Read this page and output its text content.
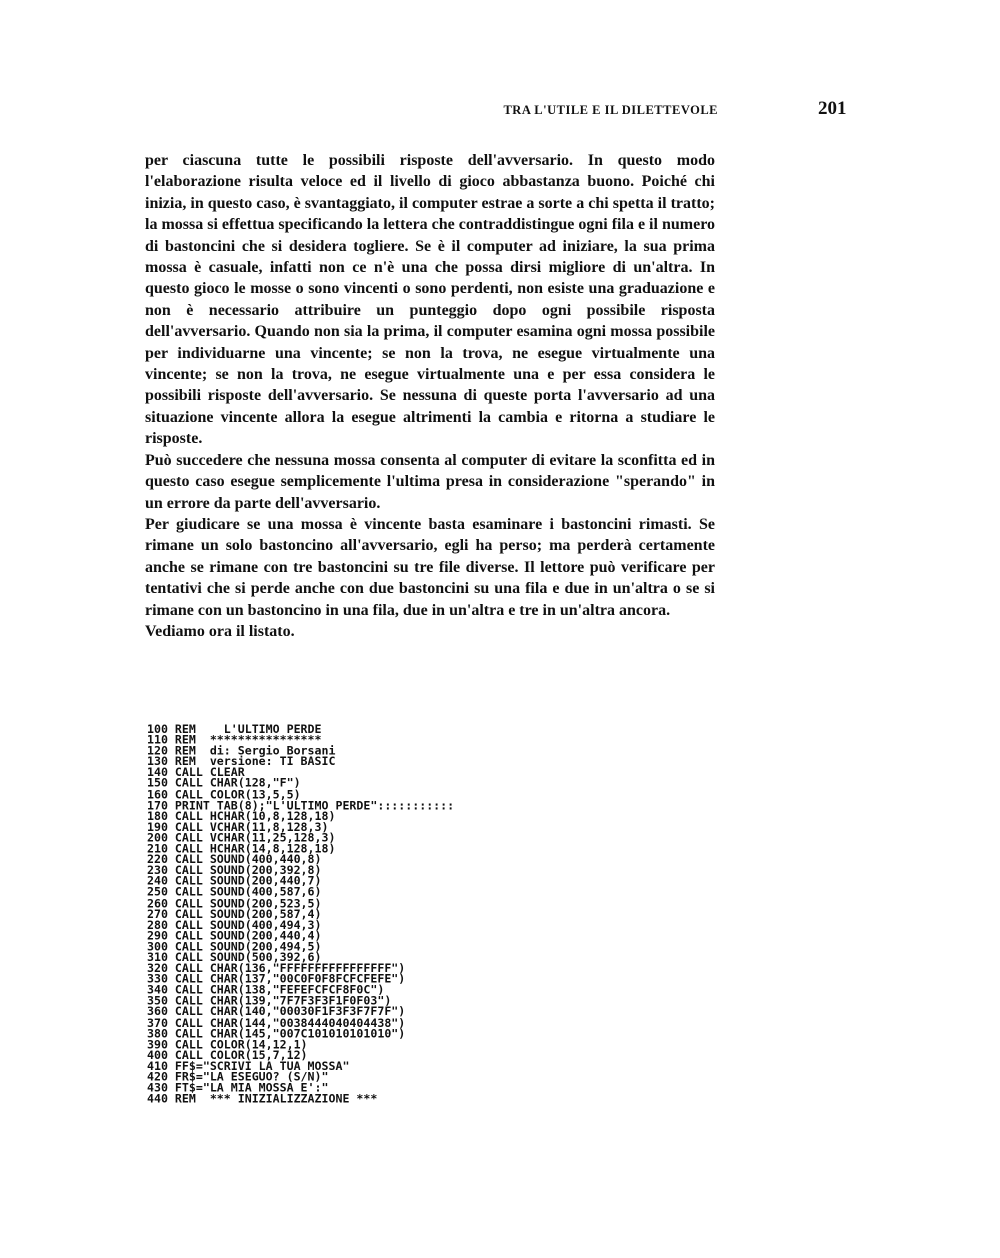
TRA L'UTILE E IL DILETTEVOLE	201

per ciascuna tutte le possibili risposte dell'avversario. In questo modo l'elaborazione risulta veloce ed il livello di gioco abbastanza buono. Poiché chi inizia, in questo caso, è svantaggiato, il computer estrae a sorte a chi spetta il tratto; la mossa si effettua specificando la lettera che contraddistingue ogni fila e il numero di bastoncini che si desidera togliere. Se è il computer ad iniziare, la sua prima mossa è casuale, infatti non ce n'è una che possa dirsi migliore di un'altra. In questo gioco le mosse o sono vincenti o sono perdenti, non esiste una graduazione e non è necessario attribuire un punteggio dopo ogni possibile risposta dell'avversario. Quando non sia la prima, il computer esamina ogni mossa possibile per individuarne una vincente; se non la trova, ne esegue virtualmente una vincente; se non la trova, ne esegue virtualmente una e per essa considera le possibili risposte dell'avversario. Se nessuna di queste porta l'avversario ad una situazione vincente allora la esegue altrimenti la cambia e ritorna a studiare le risposte.

Può succedere che nessuna mossa consenta al computer di evitare la sconfitta ed in questo caso esegue semplicemente l'ultima presa in considerazione "sperando" in un errore da parte dell'avversario.

Per giudicare se una mossa è vincente basta esaminare i bastoncini rimasti. Se rimane un solo bastoncino all'avversario, egli ha perso; ma perderà certamente anche se rimane con tre bastoncini su tre file diverse. Il lettore può verificare per tentativi che si perde anche con due bastoncini su una fila e due in un'altra o se si rimane con un bastoncino in una fila, due in un'altra e tre in un'altra ancora.

Vediamo ora il listato.

100 REM    L'ULTIMO PERDE
110 REM  ****************
120 REM  di: Sergio Borsani
130 REM  versione: TI BASIC
140 CALL CLEAR
150 CALL CHAR(128,"F")
160 CALL COLOR(13,5,5)
170 PRINT TAB(8);"L'ULTIMO PERDE":::::::::::
180 CALL HCHAR(10,8,128,18)
190 CALL VCHAR(11,8,128,3)
200 CALL VCHAR(11,25,128,3)
210 CALL HCHAR(14,8,128,18)
220 CALL SOUND(400,440,8)
230 CALL SOUND(200,392,8)
240 CALL SOUND(200,440,7)
250 CALL SOUND(400,587,6)
260 CALL SOUND(200,523,5)
270 CALL SOUND(200,587,4)
280 CALL SOUND(400,494,3)
290 CALL SOUND(200,440,4)
300 CALL SOUND(200,494,5)
310 CALL SOUND(500,392,6)
320 CALL CHAR(136,"FFFFFFFFFFFFFFFF")
330 CALL CHAR(137,"00C0F0F8FCFCFEFE")
340 CALL CHAR(138,"FEFEFCFCF8F0C")
350 CALL CHAR(139,"7F7F3F3F1F0F03")
360 CALL CHAR(140,"00030F1F3F3F7F7F")
370 CALL CHAR(144,"0038444040404438")
380 CALL CHAR(145,"007C101010101010")
390 CALL COLOR(14,12,1)
400 CALL COLOR(15,7,12)
410 FF$="SCRIVI LA TUA MOSSA"
420 FR$="LA ESEGUO? (S/N)"
430 FT$="LA MIA MOSSA E':"
440 REM  *** INIZIALIZZAZIONE ***
